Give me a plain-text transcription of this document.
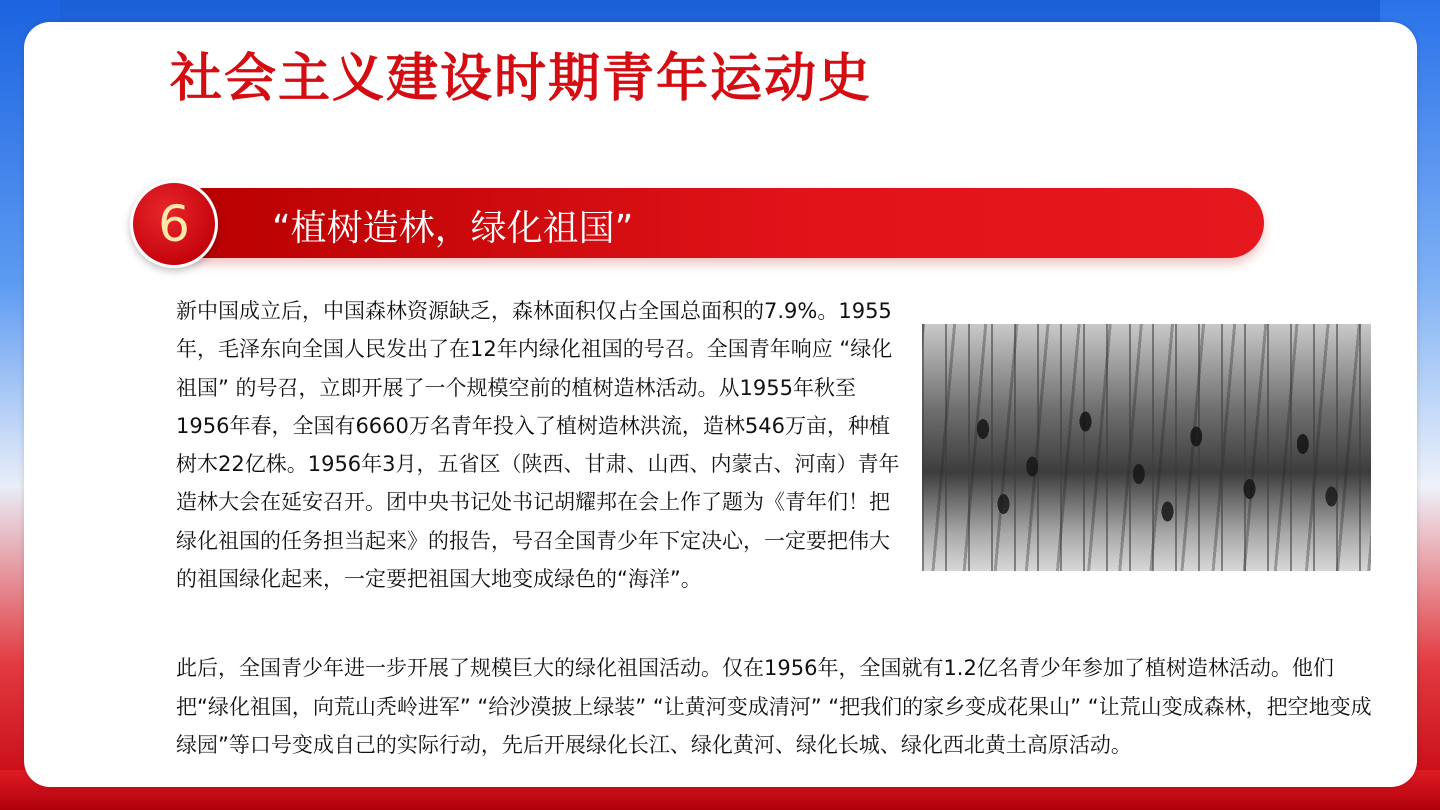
社会主义建设时期青年运动史
6 “植树造林，绿化祖国”

新中国成立后，中国森林资源缺乏，森林面积仅占全国总面积的7.9%。1955年，毛泽东向全国人民发出了在12年内绿化祖国的号召。全国青年响应 “绿化祖国” 的号召，立即开展了一个规模空前的植树造林活动。从1955年秋至1956年春，全国有6660万名青年投入了植树造林洪流，造林546万亩，种植树木22亿株。1956年3月，五省区（陕西、甘肃、山西、内蒙古、河南）青年造林大会在延安召开。团中央书记处书记胡耀邦在会上作了题为《青年们！把绿化祖国的任务担当起来》的报告，号召全国青少年下定决心，一定要把伟大的祖国绿化起来，一定要把祖国大地变成绿色的“海洋”。

此后，全国青少年进一步开展了规模巨大的绿化祖国活动。仅在1956年，全国就有1.2亿名青少年参加了植树造林活动。他们把“绿化祖国，向荒山秃岭进军” “给沙漠披上绿装” “让黄河变成清河” “把我们的家乡变成花果山” “让荒山变成森林，把空地变成绿园”等口号变成自己的实际行动，先后开展绿化长江、绿化黄河、绿化长城、绿化西北黄土高原活动。
